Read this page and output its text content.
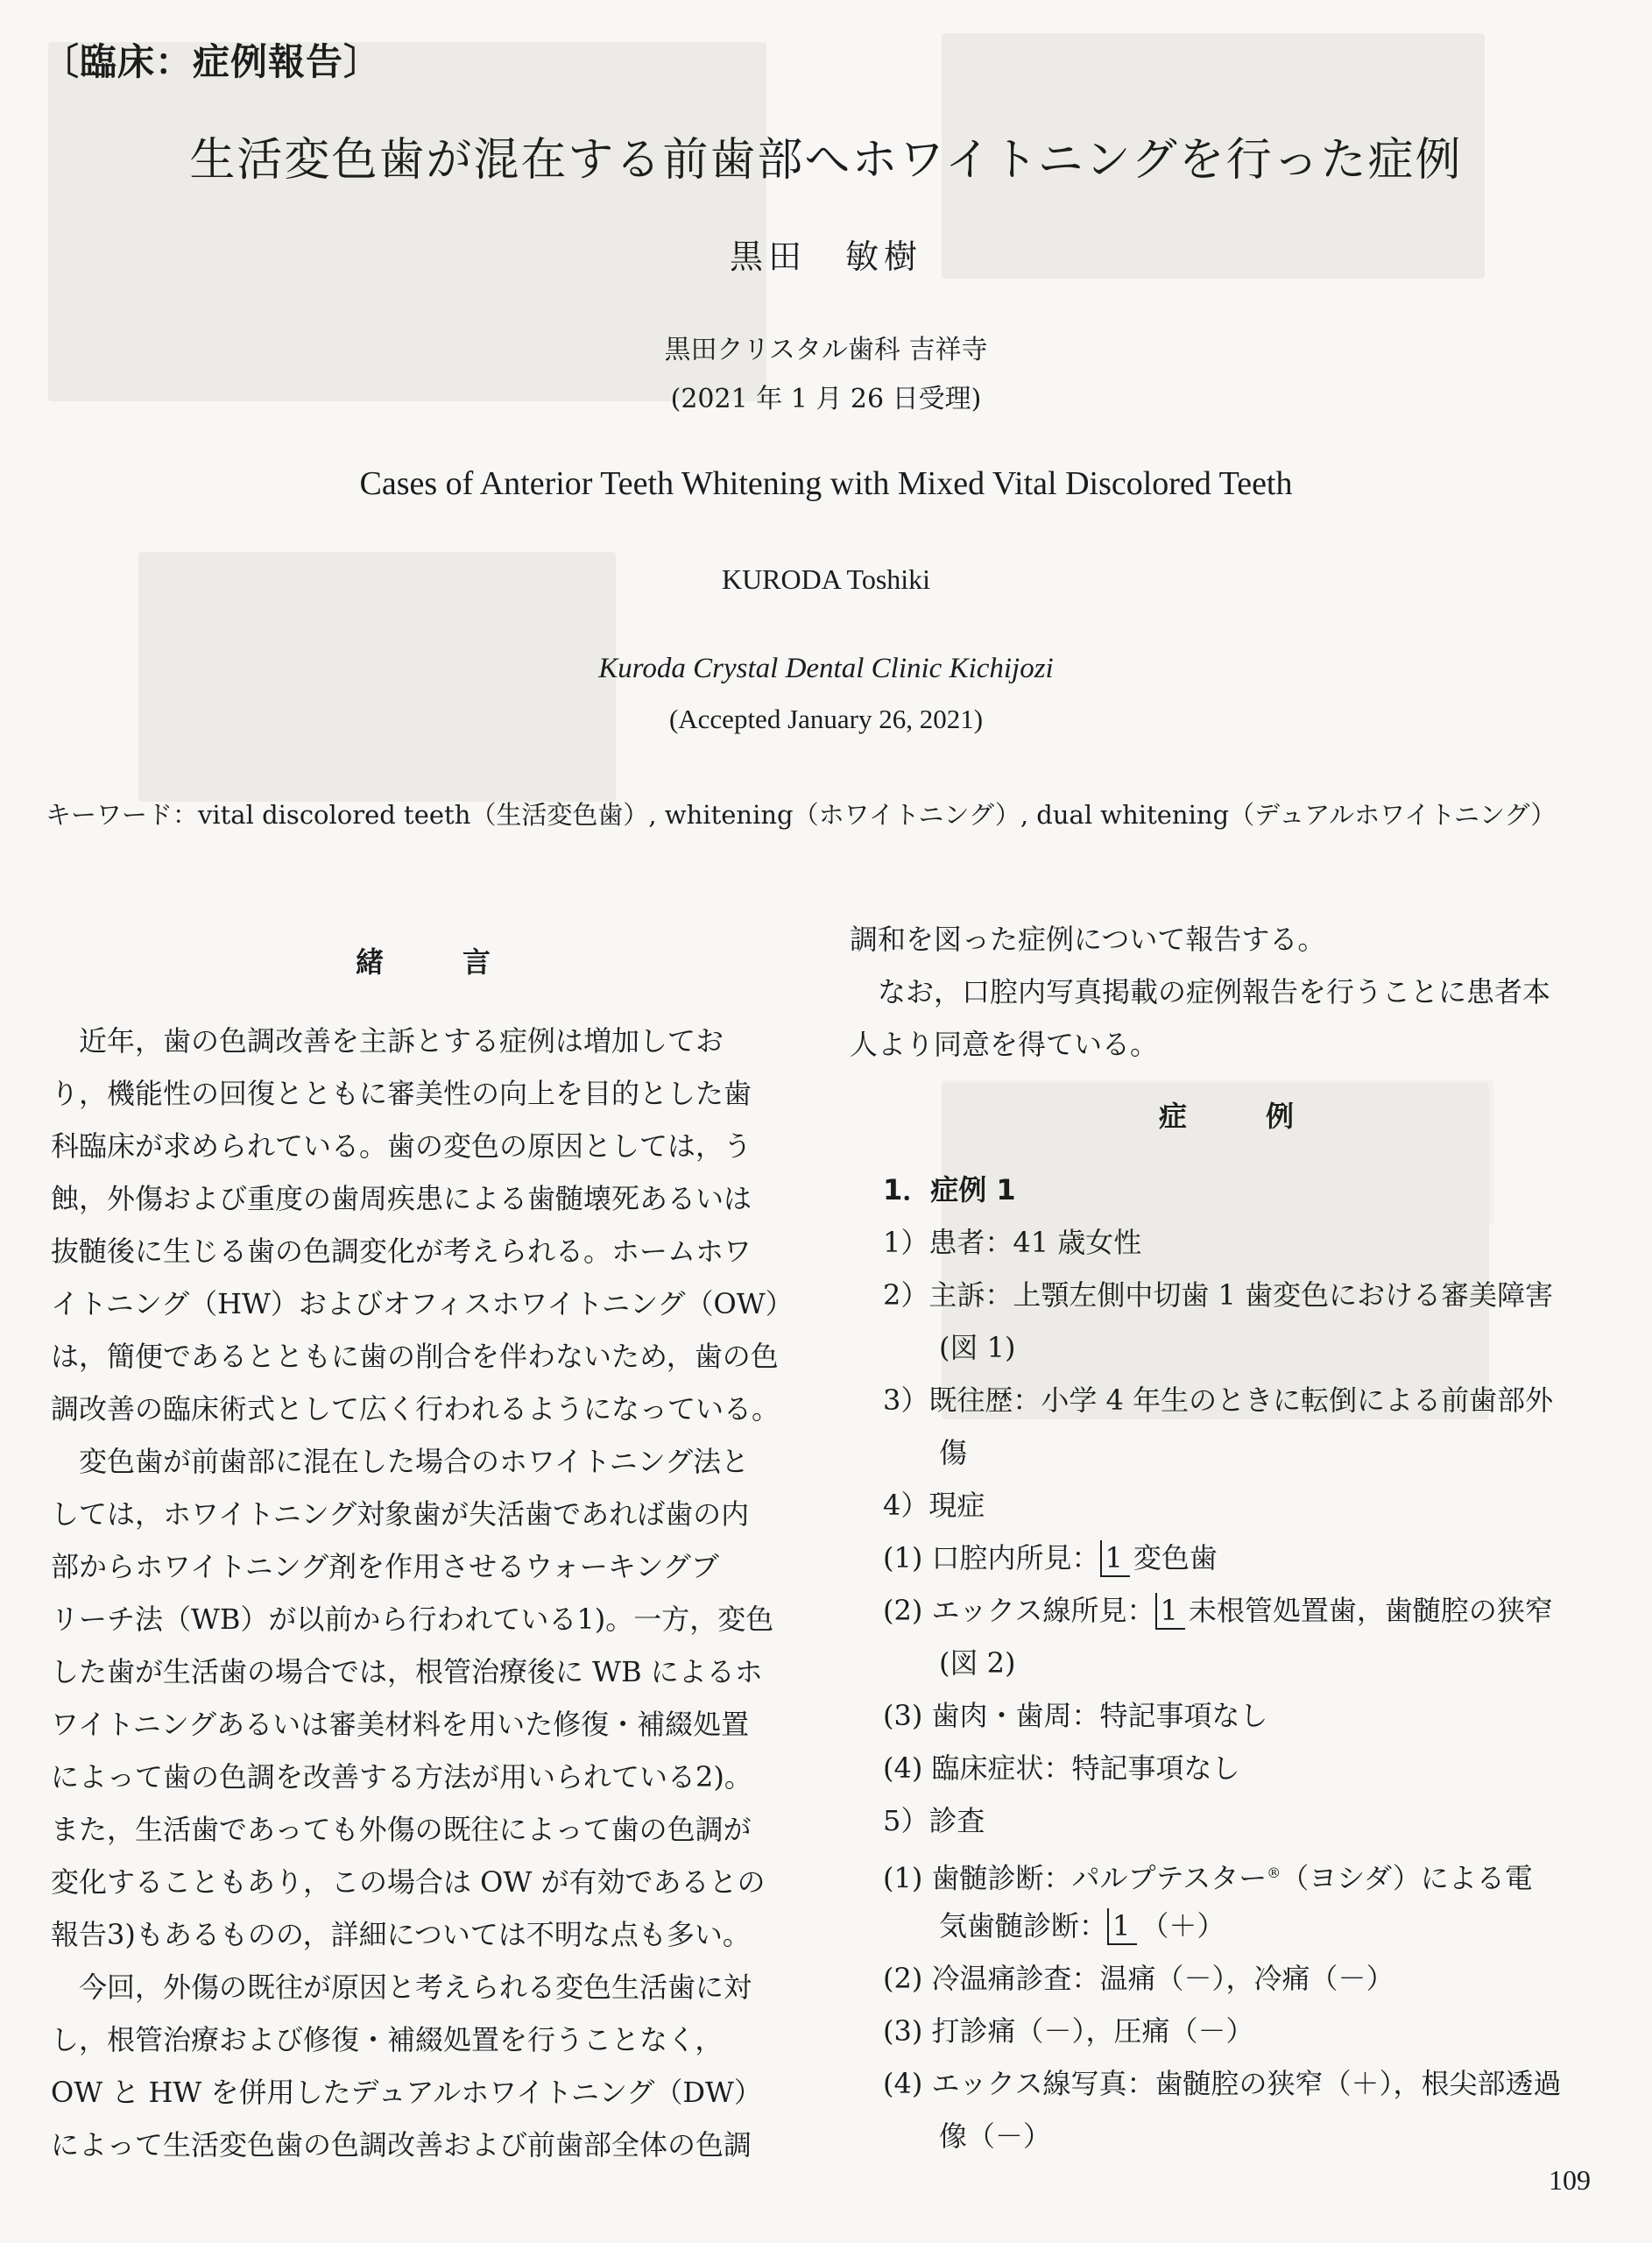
〔臨床：症例報告〕
生活変色歯が混在する前歯部へホワイトニングを行った症例
黒田　敏樹
黒田クリスタル歯科 吉祥寺
(2021 年 1 月 26 日受理)
Cases of Anterior Teeth Whitening with Mixed Vital Discolored Teeth
KURODA Toshiki
Kuroda Crystal Dental Clinic Kichijozi
(Accepted January 26, 2021)
キーワード：vital discolored teeth（生活変色歯）, whitening（ホワイトニング）, dual whitening（デュアルホワイトニング）
緒言
　近年，歯の色調改善を主訴とする症例は増加してお
り，機能性の回復とともに審美性の向上を目的とした歯
科臨床が求められている。歯の変色の原因としては，う
蝕，外傷および重度の歯周疾患による歯髄壊死あるいは
抜髄後に生じる歯の色調変化が考えられる。ホームホワ
イトニング（HW）およびオフィスホワイトニング（OW）
は，簡便であるとともに歯の削合を伴わないため，歯の色
調改善の臨床術式として広く行われるようになっている。
　変色歯が前歯部に混在した場合のホワイトニング法と
しては，ホワイトニング対象歯が失活歯であれば歯の内
部からホワイトニング剤を作用させるウォーキングブ
リーチ法（WB）が以前から行われている1)。一方，変色
した歯が生活歯の場合では，根管治療後に WB によるホ
ワイトニングあるいは審美材料を用いた修復・補綴処置
によって歯の色調を改善する方法が用いられている2)。
また，生活歯であっても外傷の既往によって歯の色調が
変化することもあり，この場合は OW が有効であるとの
報告3)もあるものの，詳細については不明な点も多い。
　今回，外傷の既往が原因と考えられる変色生活歯に対
し，根管治療および修復・補綴処置を行うことなく，
OW と HW を併用したデュアルホワイトニング（DW）
によって生活変色歯の色調改善および前歯部全体の色調
調和を図った症例について報告する。
　なお，口腔内写真掲載の症例報告を行うことに患者本
人より同意を得ている。
症例
1．症例 1
1）患者：41 歳女性
2）主訴：上顎左側中切歯 1 歯変色における審美障害
(図 1)
3）既往歴：小学 4 年生のときに転倒による前歯部外
傷
4）現症
(1) 口腔内所見： 1 変色歯
(2) エックス線所見： 1 未根管処置歯，歯髄腔の狭窄
(図 2)
(3) 歯肉・歯周：特記事項なし
(4) 臨床症状：特記事項なし
5）診査
(1) 歯髄診断：パルプテスター®（ヨシダ）による電
気歯髄診断： 1 （＋）
(2) 冷温痛診査：温痛（－），冷痛（－）
(3) 打診痛（－），圧痛（－）
(4) エックス線写真：歯髄腔の狭窄（＋），根尖部透過
像（－）
109
